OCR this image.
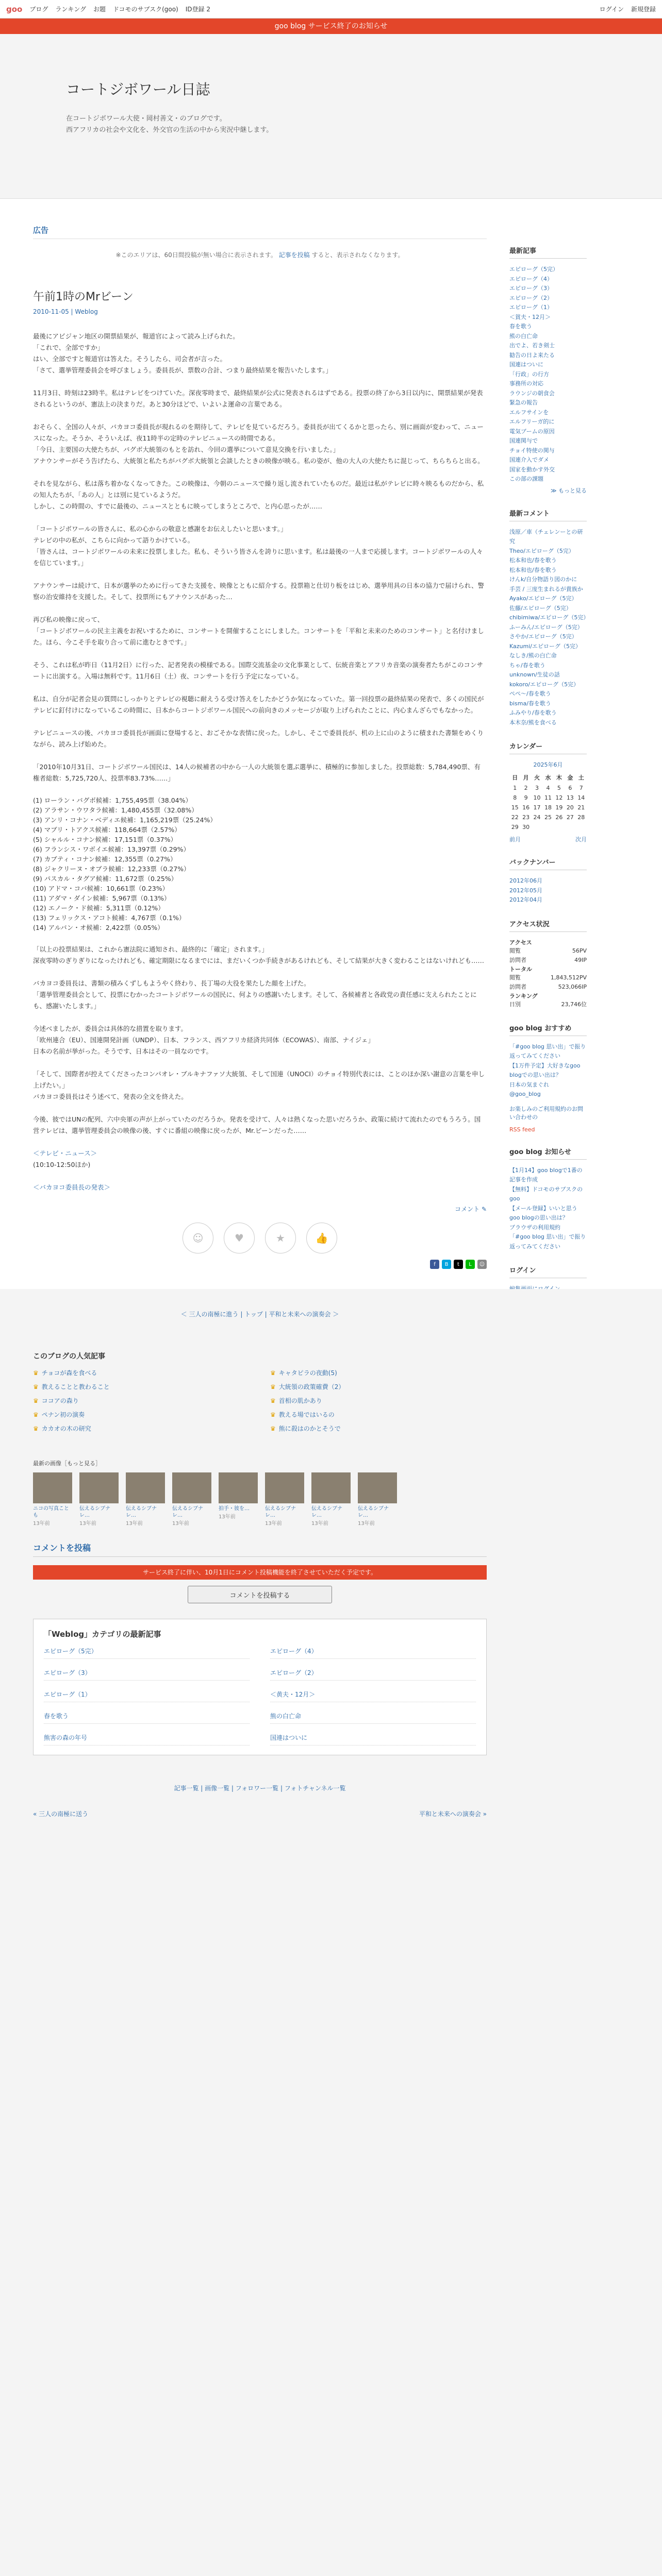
goo ブログ ランキング お題 ドコモのサブスク(goo) ID登録 2	ログイン 新規登録
goo blog サービス終了のお知らせ
コートジボワール日誌

在コートジボワール大使・岡村善文・のブログです。

西アフリカの社会や文化を、外交官の生活の中から実況中継します。

広告
※このエリアは、60日間投稿が無い場合に表示されます。 記事を投稿 すると、表示されなくなります。
午前1時のMrビーン
2010-11-05 | Weblog

最後にアビジャン地区の開票結果が、報道官によって読み上げられた。
「これで、全部ですか」
はい、全部ですと報道官は答えた。そうしたら、司会者が言った。
「さて、選挙管理委員会を呼びましょう。委員長が、票数の合計、つまり最終結果を報告いたします。」

11月3日、時刻は23時半。私はテレビをつけていた。深夜零時まで、最終結果が公式に発表されるはずである。投票の終了から3日以内に、開票結果が発表されるというのが、憲法上の決まりだ。あと30分ほどで、いよいよ運命の言葉である。

おそらく、全国の人々が、バカヨコ委員長が現れるのを期待して、テレビを見ているだろう。委員長が出てくるかと思ったら、別に画面が変わって、ニュースになった。そうか、そういえば、夜11時半の定時のテレビニュースの時間である。
「今日、主要国の大使たちが、バグボ大統領のもとを訪れ、今回の選挙について意見交換を行いました。」
アナウンサーがそう告げたら、大統領と私たちがバグボ大統領と会談したときの映像が映る。私の姿が、他の大人の大使たちに混じって、ちらちらと出る。

それを見ながら、私は落ち着かなくなってきた。この映像は、今朝のニュースで繰り返し流されていたものだ。最近は私がテレビに時々映るものだから、私の知人たちが、「あの人」とは別に見ているようだ。
しかし、この時間の、すでに最後の、ニュースとともに映ってしまうところで、と内心思ったが……

「コートジボワールの皆さんに、私の心からの敬意と感謝をお伝えしたいと思います。」
テレビの中の私が、こちらに向かって語りかけている。
「皆さんは、コートジボワールの未来に投票しました。私も、そういう皆さんを誇りに思います。私は最後の一人まで応援します。コートジボワールの人々を信じています。」

アナウンサーは続けて、日本が選挙のために行ってきた支援を、映像とともに紹介する。投票箱と仕切り板をはじめ、選挙用具の日本の協力で届けられ、警察の治安維持を支援した。そして、投票所にもアナウンスがあった…

再び私の映像に戻って、
「コートジボワールの民主主義をお祝いするために、コンサートを開催することにしました。コンサートを「平和と未来のためのコンサート」と名付けました。ほら、今こそ手を取り合って前に進むときです。」

そう、これは私が昨日（11月2日）に行った、記者発表の模様である。国際交流基金の文化事業として、伝統音楽とアフリカ音楽の演奏者たちがこのコンサートに出演する。入場は無料です。11月6日（土）夜、コンサートを行う予定になっている。

私は、自分が記者会見の質問にしっかりとテレビの視聴に耐えうる受け答えをしたかどうか気になっていた。第一回投票の最終結果の発表で、多くの国民がテレビに釘付けになっているこの時間に、日本からコートジボワール国民への前向きのメッセージが取り上げられたことに、内心まんざらでもなかった。

テレビニュースの後、バカヨコ委員長が画面に登場すると、おごそかな表情に戻った。しかし、そこで委員長が、机の上に山のように積まれた書類をめくりながら、読み上げ始めた。

「2010年10月31日、コートジボワール国民は、14人の候補者の中から一人の大統領を選ぶ選挙に、積極的に参加しました。投票総数：5,784,490票、有権者総数：5,725,720人、投票率83.73%……」

(1) ローラン・バグボ候補：1,755,495票（38.04%）
(2) アラサン・ウワタラ候補：1,480,455票（32.08%）
(3) アンリ・コナン・ベディエ候補：1,165,219票（25.24%）
(4) マブリ・トアクス候補：118,664票（2.57%）
(5) シャルル・コナン候補：17,151票（0.37%）
(6) フランシス・ワボイエ候補：13,397票（0.29%）
(7) カブティ・コナン候補：12,355票（0.27%）
(8) ジャクリーヌ・オブラ候補：12,233票（0.27%）
(9) パスカル・タグア候補：11,672票（0.25%）
(10) アドマ・コバ候補：10,661票（0.23%）
(11) アダマ・ダイン候補：5,967票（0.13%）
(12) エノーク・ド候補：5,311票（0.12%）
(13) フェリックス・アコト候補：4,767票（0.1%）
(14) アルバン・オ候補：2,422票（0.05%）

「以上の投票結果は、これから憲法院に通知され、最終的に「確定」されます。」
深夜零時のぎりぎりになったけれども、確定期限になるまでには、まだいくつか手続きがあるけれども、そして結果が大きく変わることはないけれども……

バカヨコ委員長は、書類の積みくずしもようやく終わり、長丁場の大役を果たした顔を上げた。
「選挙管理委員会として、投票にむかったコートジボワールの国民に、何よりの感謝いたします。そして、各候補者と各政党の責任感に支えられたことにも、感謝いたします。」

今述べましたが、委員会は具体的な措置を取ります。
「欧州連合（EU）、国連開発計画（UNDP）、日本、フランス、西アフリカ経済共同体（ECOWAS）、南部、ナイジェ」
日本の名前が挙がった。そうです、日本はその一員なのです。

「そして、国際者が控えてくださったコンパオレ・ブルキナファソ大統領、そして国連（UNOCI）のチョイ特別代表には、ことのほか深い謝意の言葉を申し上げたい。」
バカヨコ委員長はそう述べて、発表の全文を終えた。

今後、彼ではUNの配列、六中央軍の声が上がっていたのだろうか。発表を受けて、人々は熱くなった思いだろうか、政策に続けて流れたのでもうろう。国営テレビは、選挙管理委員会の映像の後、すぐに番組の映像に戻ったが、Mr.ビーンだった……

＜テレビ・ニュース＞
(10:10-12:50ほか)

＜バカヨコ委員長の発表＞

コメント ✎
☺	♥	★	👍
f	B	t	L	☺
最新記事
エピローグ（5完）
エピローグ（4）
エピローグ（3）
エピローグ（2）
エピローグ（1）
＜貧夫・12月＞
春を歌う
熊の白亡命
出でよ、若き剣士
勧告の日よ来たる
国連はついに
「行政」の行方
事務所の対応
ラウンジの朝食会
緊急の報告
エルフサインを
エルフリーガ的に
電気ブームの原因
国連関与で
チョイ特使の関与
国連介入でダメ
国家を動かす外交
この部の課題
≫ もっと見る
最新コメント
浅原／車（チェレンーとの研究
Theo/エピローグ（5完）
松本和也/春を歌う
松本和也/春を歌う
けんk/自分物語り図のかに
手芸 / 三度生まれるが貴族か
Ayako/エピローグ（5完）
佐藤/エピローグ（5完）
chibimiwa/エピローグ（5完）
ふーみん/エピローグ（5完）
さやか/エピローグ（5完）
Kazumi/エピローグ（5完）
なしき/熊の白亡命
ちゃ/春を歌う
unknown/生徒の話
kokoro/エピローグ（5完）
ぺぺ～/春を歌う
bisma/春を歌う
ふみやり/春を歌う
本木奈/熊を食べる
カレンダー
2025年6月
日	月	火	水	木	金	土
1	2	3	4	5	6	7
8	9	10	11	12	13	14
15	16	17	18	19	20	21
22	23	24	25	26	27	28
29	30					
前月	次月
バックナンバー
2012年06月
2012年05月
2012年04月
アクセス状況
アクセス
閲覧	56PV
訪問者	49IP
トータル
閲覧	1,843,512PV
訪問者	523,066IP
ランキング
日別	23,746位
goo blog おすすめ
「#goo blog 思い出」で振り返ってみてください
【1万件予定】大好きなgoo blogでの思い出は？
日本の気まぐれ
@goo_blog
お楽しみのご利用規約のお問い合わせの
RSS feed
goo blog お知らせ
【1月14】goo blogで1番の記事を作成
【無料】ドコモのサブスクのgoo
【メール登録】いいと思うgoo blogの思い出は？
ブラウザの利用規約
「#goo blog 思い出」で振り返ってみてください
ログイン
＜ 三人の南極に進う | トップ | 平和と未来への演奏会 ＞
このブログの人気記事
♛ チョコが森を食べる	♛ キャタピラの夜動(5)
♛ 教えることと教わること	♛ 大統領の政策確費（2）
♛ ココアの森り	♛ 首相の肌かあり
♛ ペナン初の演奏	♛ 教える場ではいるの
♛ カカオの木の研究	♛ 熊に殺はのかとそうで
最新の画像［もっと見る］
ニコの写真ことも
13年前
伝えるシブナレ…
13年前
伝えるシブナレ…
13年前
伝えるシブナレ…
13年前
拍手・彼を…
13年前
伝えるシブナレ…
13年前
伝えるシブナレ…
13年前
伝えるシブナレ…
13年前
コメントを投稿
サービス終了に伴い、10月1日にコメント投稿機能を終了させていただく予定です。
コメントを投稿する
「Weblog」カテゴリの最新記事
エピローグ（5完）	エピローグ（4）
エピローグ（3）	エピローグ（2）
エピローグ（1）	＜黄夫・12月＞
春を歌う	熊の白亡命
熊害の森の年号	国連はついに
記事一覧 | 画像一覧 | フォロワー一覧 | フォトチャンネル一覧
« 三人の南極に送う	平和と未来への演奏会 »
